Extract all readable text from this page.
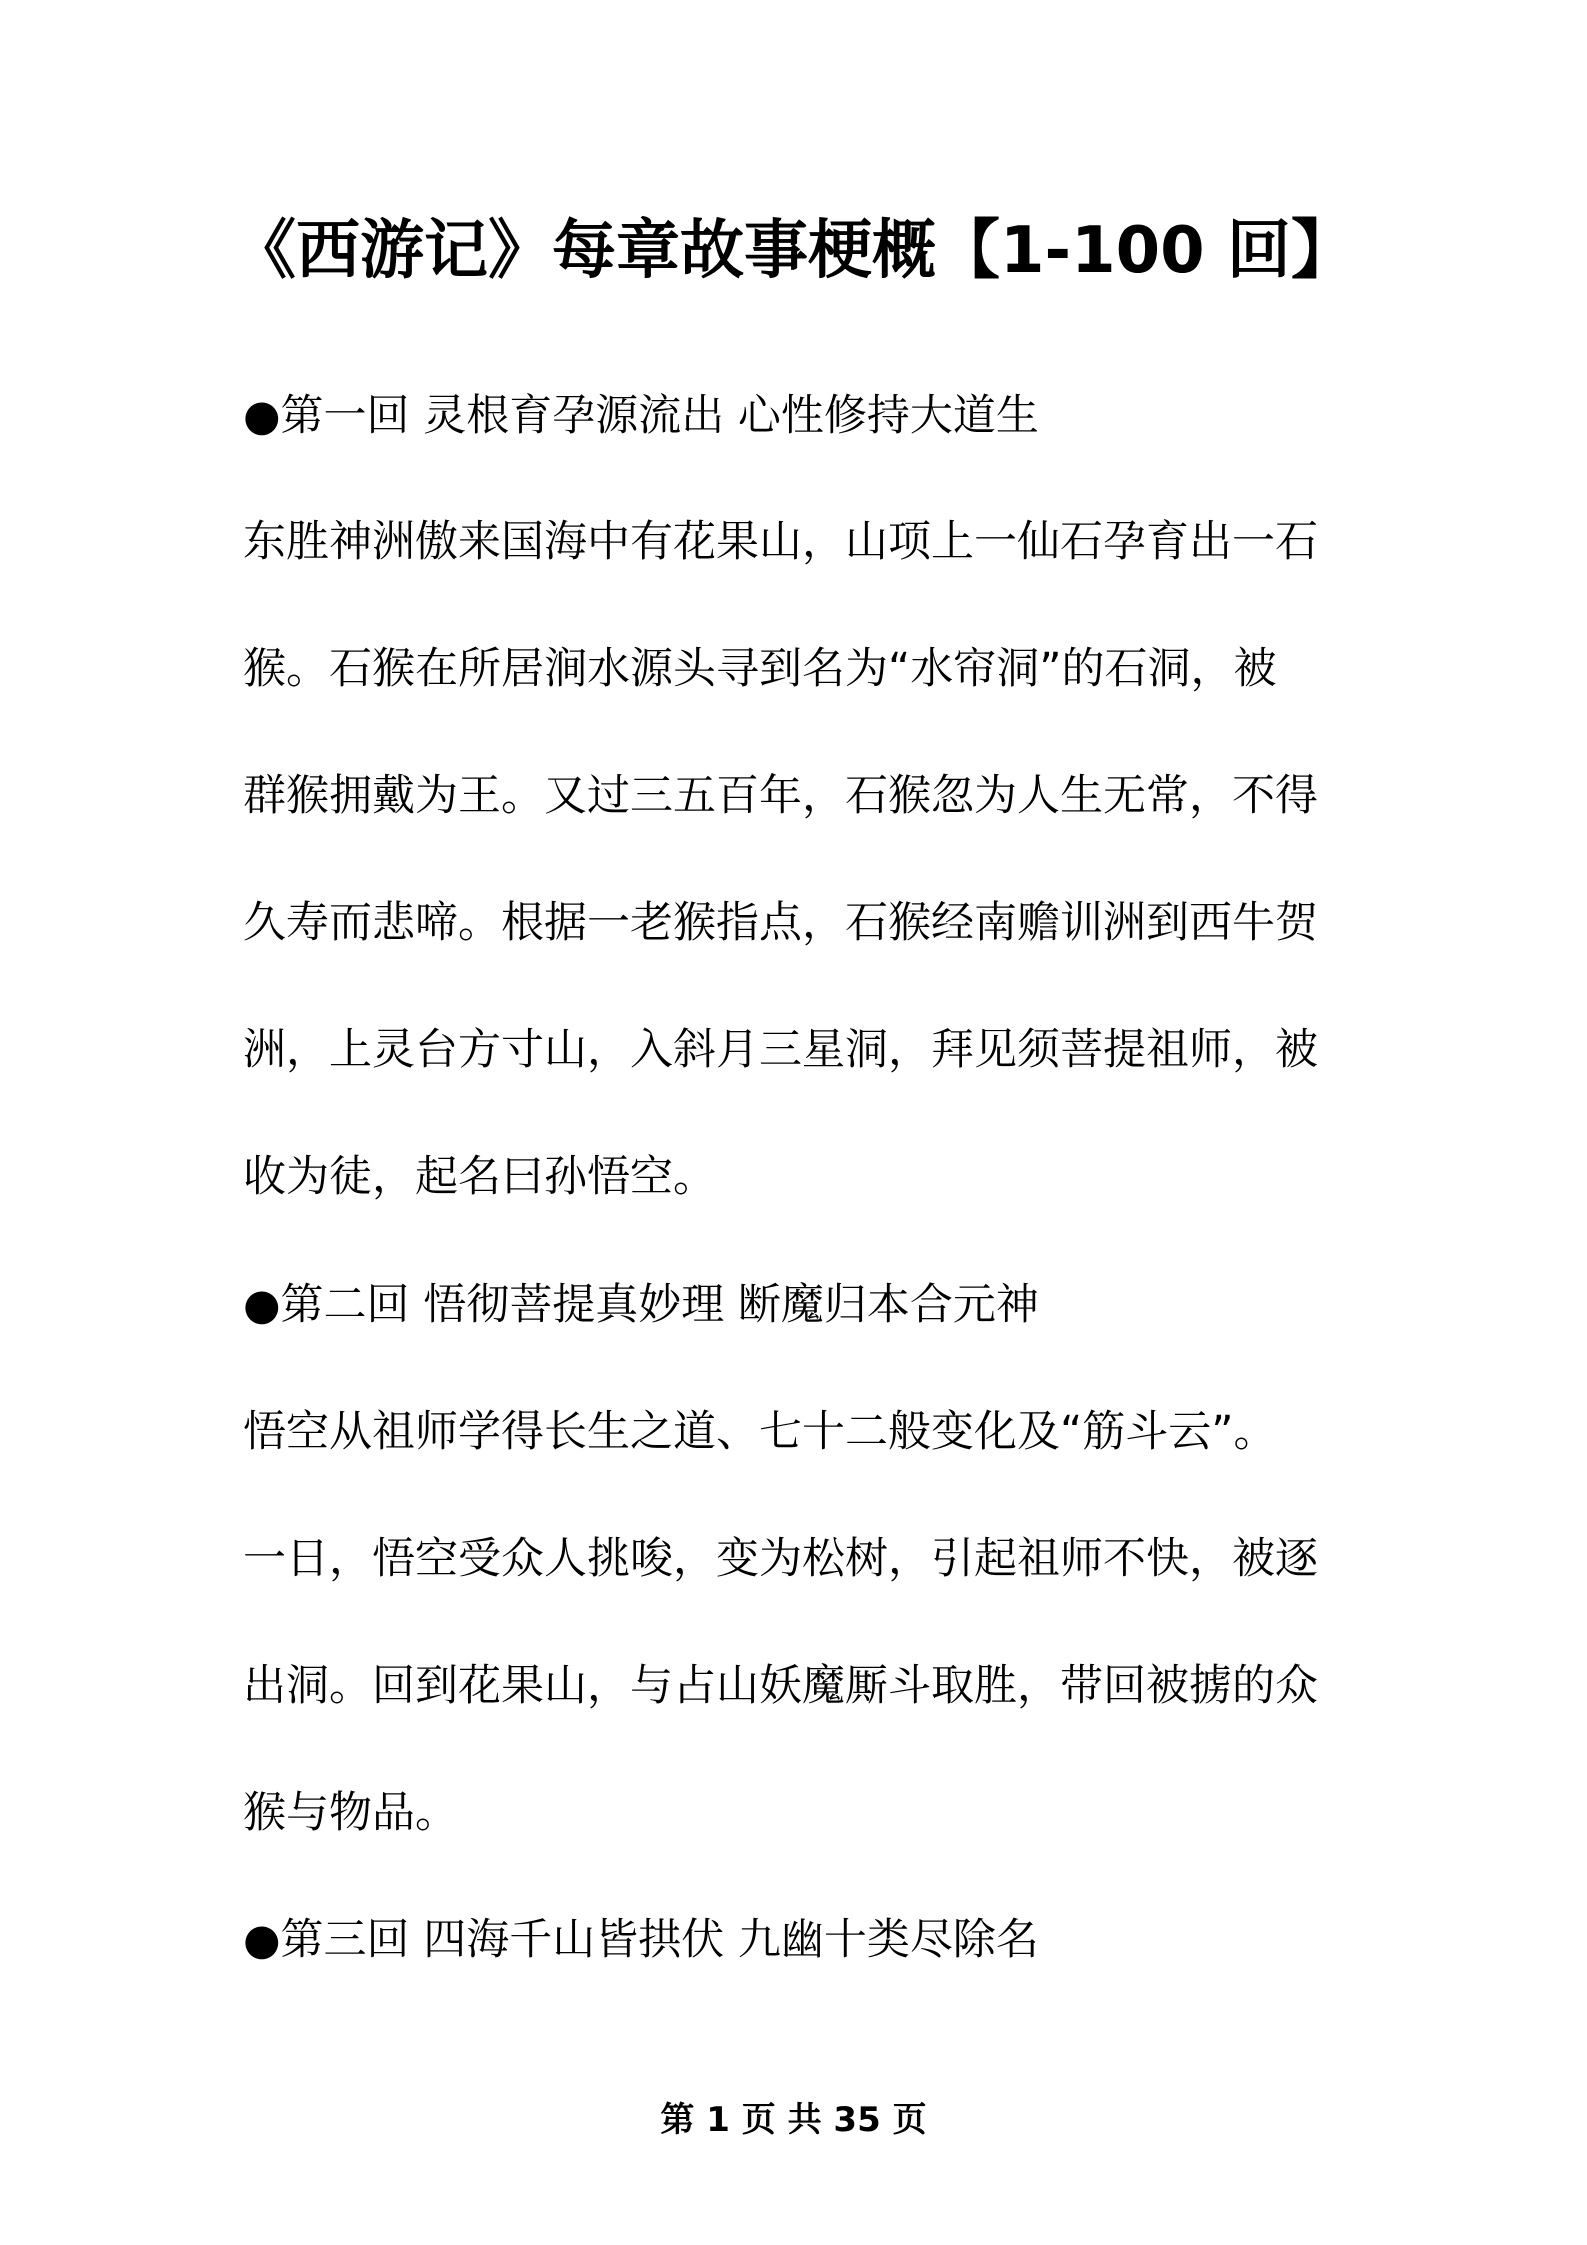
《西游记》每章故事梗概【1-100 回】
●第一回 灵根育孕源流出 心性修持大道生
东胜神洲傲来国海中有花果山，山项上一仙石孕育出一石
猴。石猴在所居涧水源头寻到名为“水帘洞”的石洞，被
群猴拥戴为王。又过三五百年，石猴忽为人生无常，不得
久寿而悲啼。根据一老猴指点，石猴经南赡训洲到西牛贺
洲，上灵台方寸山，入斜月三星洞，拜见须菩提祖师，被
收为徒，起名曰孙悟空。
●第二回 悟彻菩提真妙理 断魔归本合元神
悟空从祖师学得长生之道、七十二般变化及“筋斗云”。
一日，悟空受众人挑唆，变为松树，引起祖师不快，被逐
出洞。回到花果山，与占山妖魔厮斗取胜，带回被掳的众
猴与物品。
●第三回 四海千山皆拱伏 九幽十类尽除名
第 1 页 共 35 页
